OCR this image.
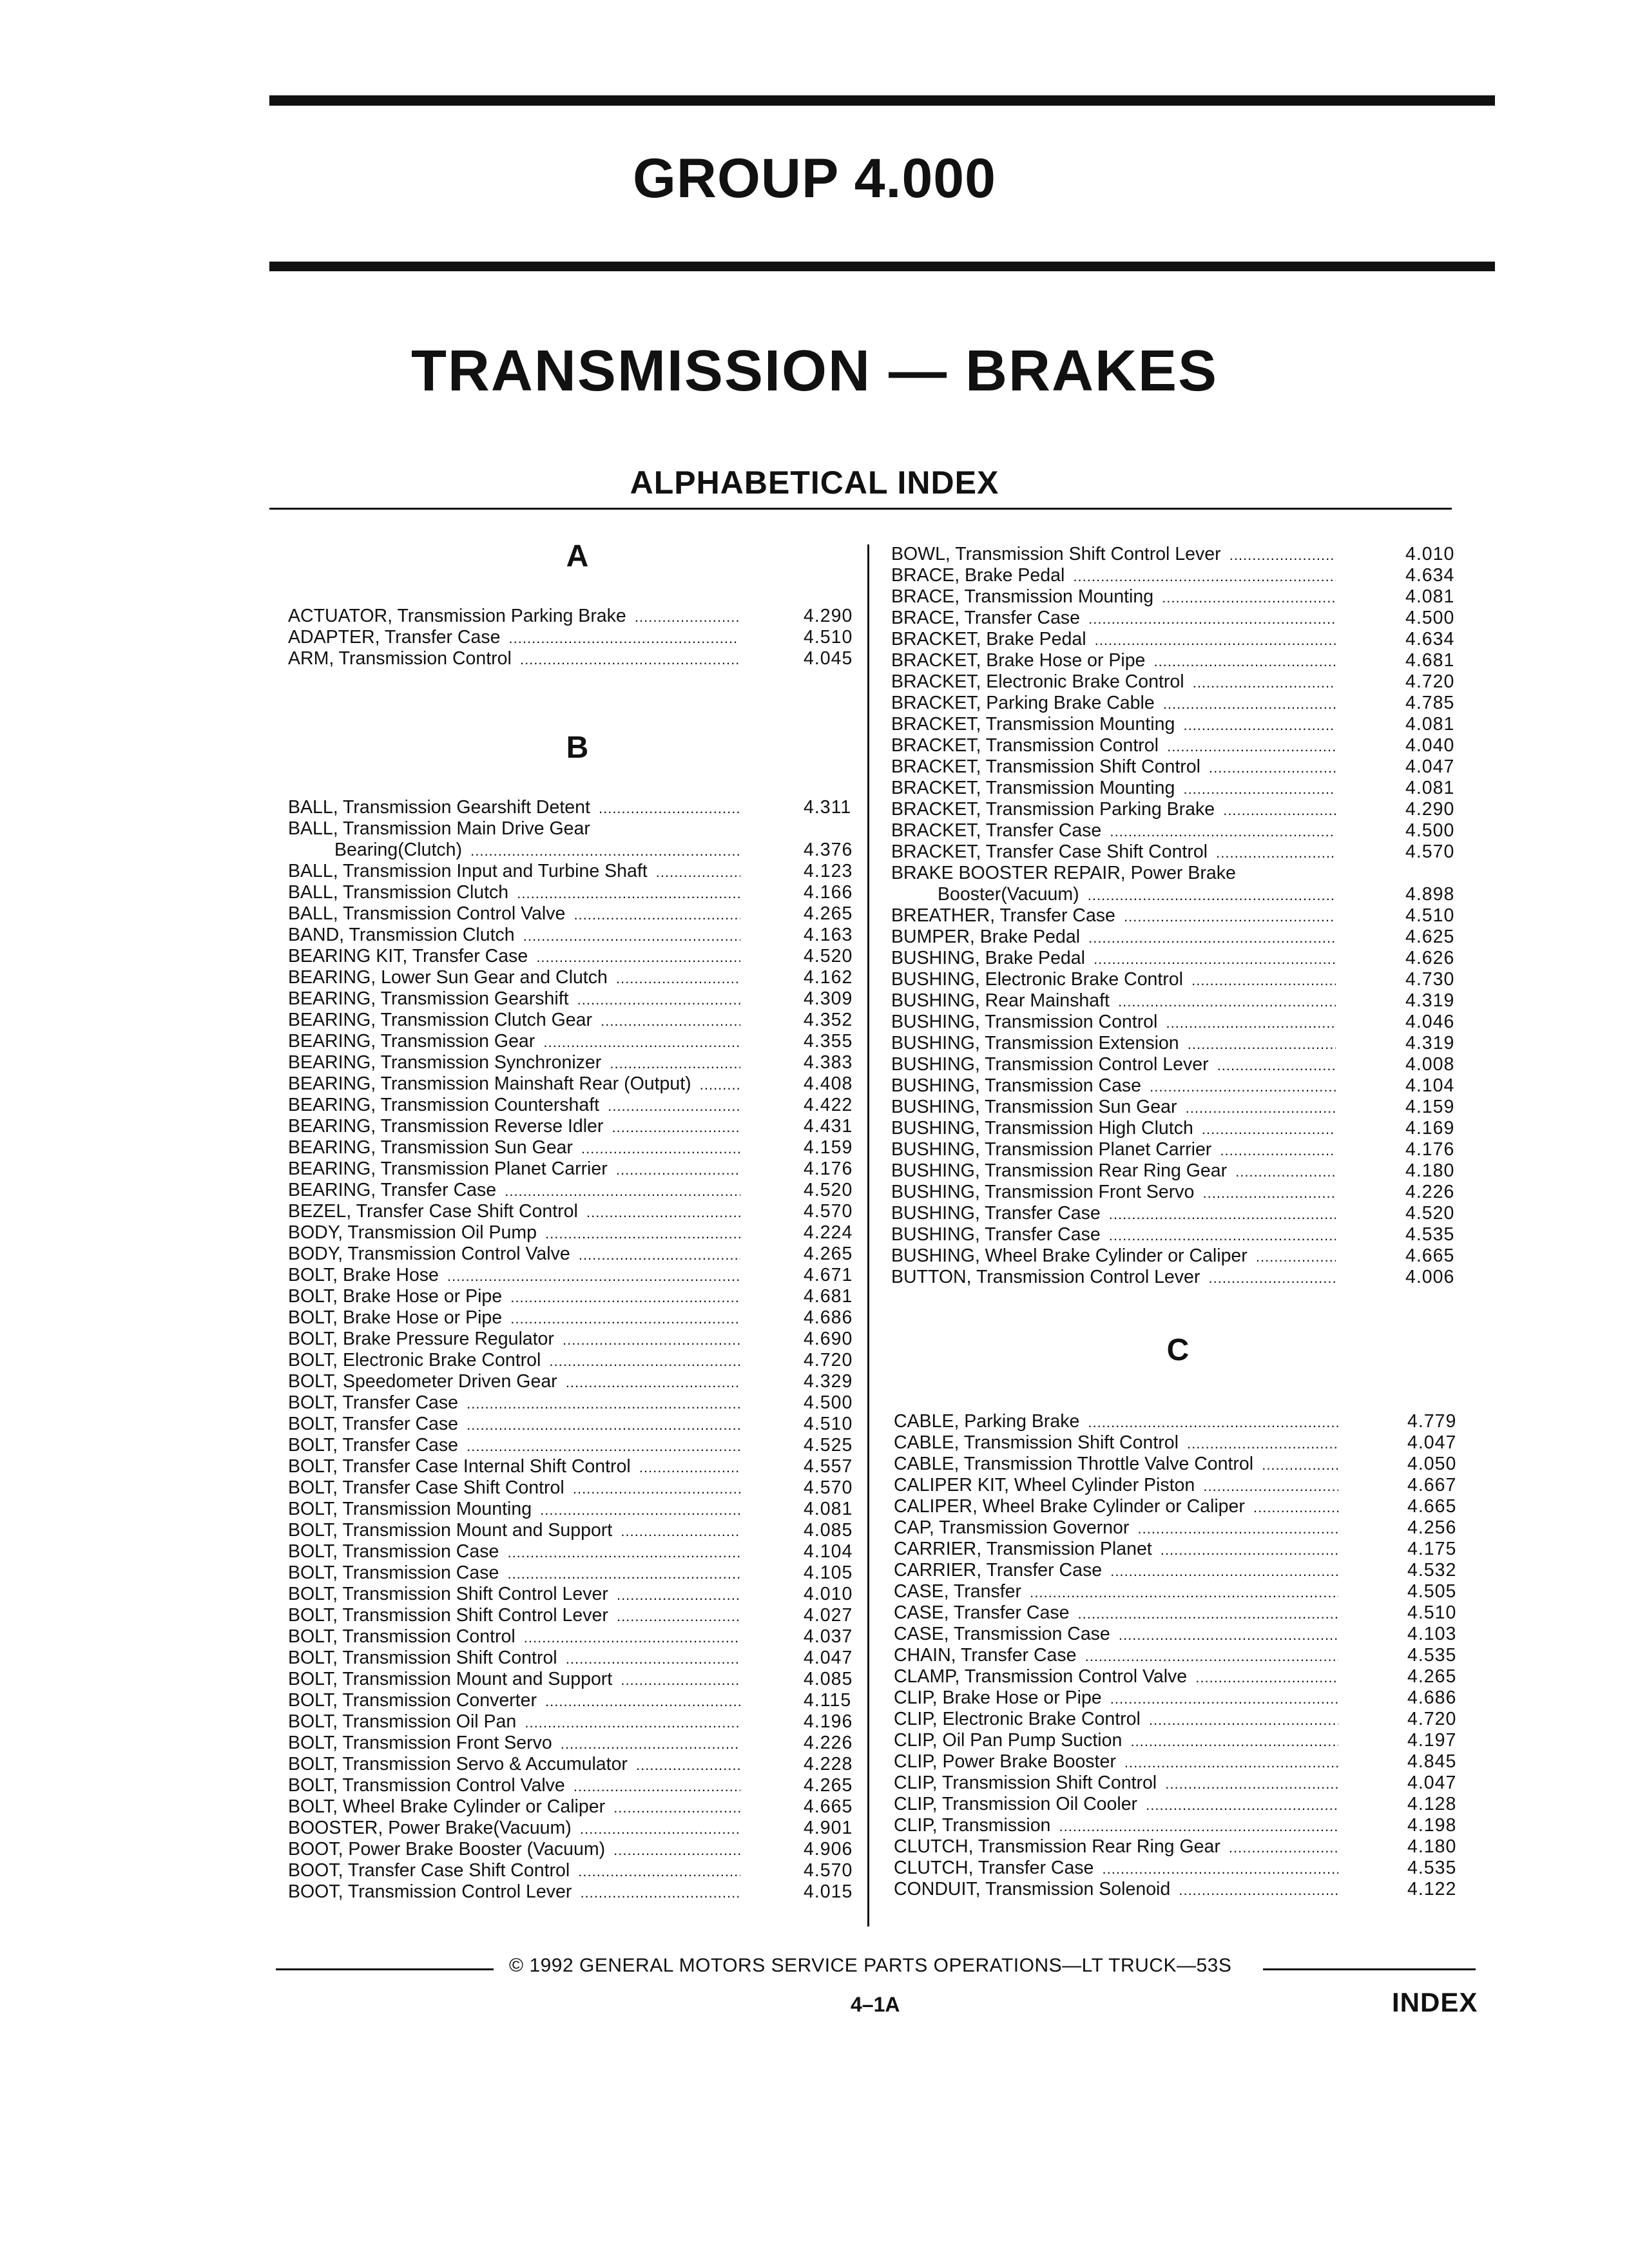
GROUP 4.000
TRANSMISSION — BRAKES
ALPHABETICAL INDEX
A
ACTUATOR, Transmission Parking Brake .....	4.290
ADAPTER, Transfer Case .....	4.510
ARM, Transmission Control .....	4.045
B
BALL, Transmission Gearshift Detent .....	4.311
BALL, Transmission Main Drive Gear
Bearing(Clutch) .....	4.376
BALL, Transmission Input and Turbine Shaft .....	4.123
BALL, Transmission Clutch .....	4.166
BALL, Transmission Control Valve .....	4.265
BAND, Transmission Clutch .....	4.163
BEARING KIT, Transfer Case .....	4.520
BEARING, Lower Sun Gear and Clutch .....	4.162
BEARING, Transmission Gearshift .....	4.309
BEARING, Transmission Clutch Gear .....	4.352
BEARING, Transmission Gear .....	4.355
BEARING, Transmission Synchronizer .....	4.383
BEARING, Transmission Mainshaft Rear (Output) .....	4.408
BEARING, Transmission Countershaft .....	4.422
BEARING, Transmission Reverse Idler .....	4.431
BEARING, Transmission Sun Gear .....	4.159
BEARING, Transmission Planet Carrier .....	4.176
BEARING, Transfer Case .....	4.520
BEZEL, Transfer Case Shift Control .....	4.570
BODY, Transmission Oil Pump .....	4.224
BODY, Transmission Control Valve .....	4.265
BOLT, Brake Hose .....	4.671
BOLT, Brake Hose or Pipe .....	4.681
BOLT, Brake Hose or Pipe .....	4.686
BOLT, Brake Pressure Regulator .....	4.690
BOLT, Electronic Brake Control .....	4.720
BOLT, Speedometer Driven Gear .....	4.329
BOLT, Transfer Case .....	4.500
BOLT, Transfer Case .....	4.510
BOLT, Transfer Case .....	4.525
BOLT, Transfer Case Internal Shift Control .....	4.557
BOLT, Transfer Case Shift Control .....	4.570
BOLT, Transmission Mounting .....	4.081
BOLT, Transmission Mount and Support .....	4.085
BOLT, Transmission Case .....	4.104
BOLT, Transmission Case .....	4.105
BOLT, Transmission Shift Control Lever .....	4.010
BOLT, Transmission Shift Control Lever .....	4.027
BOLT, Transmission Control .....	4.037
BOLT, Transmission Shift Control .....	4.047
BOLT, Transmission Mount and Support .....	4.085
BOLT, Transmission Converter .....	4.115
BOLT, Transmission Oil Pan .....	4.196
BOLT, Transmission Front Servo .....	4.226
BOLT, Transmission Servo & Accumulator .....	4.228
BOLT, Transmission Control Valve .....	4.265
BOLT, Wheel Brake Cylinder or Caliper .....	4.665
BOOSTER, Power Brake(Vacuum) .....	4.901
BOOT, Power Brake Booster (Vacuum) .....	4.906
BOOT, Transfer Case Shift Control .....	4.570
BOOT, Transmission Control Lever .....	4.015
BOWL, Transmission Shift Control Lever .....	4.010
BRACE, Brake Pedal .....	4.634
BRACE, Transmission Mounting .....	4.081
BRACE, Transfer Case .....	4.500
BRACKET, Brake Pedal .....	4.634
BRACKET, Brake Hose or Pipe .....	4.681
BRACKET, Electronic Brake Control .....	4.720
BRACKET, Parking Brake Cable .....	4.785
BRACKET, Transmission Mounting .....	4.081
BRACKET, Transmission Control .....	4.040
BRACKET, Transmission Shift Control .....	4.047
BRACKET, Transmission Mounting .....	4.081
BRACKET, Transmission Parking Brake .....	4.290
BRACKET, Transfer Case .....	4.500
BRACKET, Transfer Case Shift Control .....	4.570
BRAKE BOOSTER REPAIR, Power Brake
Booster(Vacuum) .....	4.898
BREATHER, Transfer Case .....	4.510
BUMPER, Brake Pedal .....	4.625
BUSHING, Brake Pedal .....	4.626
BUSHING, Electronic Brake Control .....	4.730
BUSHING, Rear Mainshaft .....	4.319
BUSHING, Transmission Control .....	4.046
BUSHING, Transmission Extension .....	4.319
BUSHING, Transmission Control Lever .....	4.008
BUSHING, Transmission Case .....	4.104
BUSHING, Transmission Sun Gear .....	4.159
BUSHING, Transmission High Clutch .....	4.169
BUSHING, Transmission Planet Carrier .....	4.176
BUSHING, Transmission Rear Ring Gear .....	4.180
BUSHING, Transmission Front Servo .....	4.226
BUSHING, Transfer Case .....	4.520
BUSHING, Transfer Case .....	4.535
BUSHING, Wheel Brake Cylinder or Caliper .....	4.665
BUTTON, Transmission Control Lever .....	4.006
C
CABLE, Parking Brake .....	4.779
CABLE, Transmission Shift Control .....	4.047
CABLE, Transmission Throttle Valve Control .....	4.050
CALIPER KIT, Wheel Cylinder Piston .....	4.667
CALIPER, Wheel Brake Cylinder or Caliper .....	4.665
CAP, Transmission Governor .....	4.256
CARRIER, Transmission Planet .....	4.175
CARRIER, Transfer Case .....	4.532
CASE, Transfer .....	4.505
CASE, Transfer Case .....	4.510
CASE, Transmission Case .....	4.103
CHAIN, Transfer Case .....	4.535
CLAMP, Transmission Control Valve .....	4.265
CLIP, Brake Hose or Pipe .....	4.686
CLIP, Electronic Brake Control .....	4.720
CLIP, Oil Pan Pump Suction .....	4.197
CLIP, Power Brake Booster .....	4.845
CLIP, Transmission Shift Control .....	4.047
CLIP, Transmission Oil Cooler .....	4.128
CLIP, Transmission .....	4.198
CLUTCH, Transmission Rear Ring Gear .....	4.180
CLUTCH, Transfer Case .....	4.535
CONDUIT, Transmission Solenoid .....	4.122
© 1992 GENERAL MOTORS SERVICE PARTS OPERATIONS—LT TRUCK—53S
4–1A	INDEX
